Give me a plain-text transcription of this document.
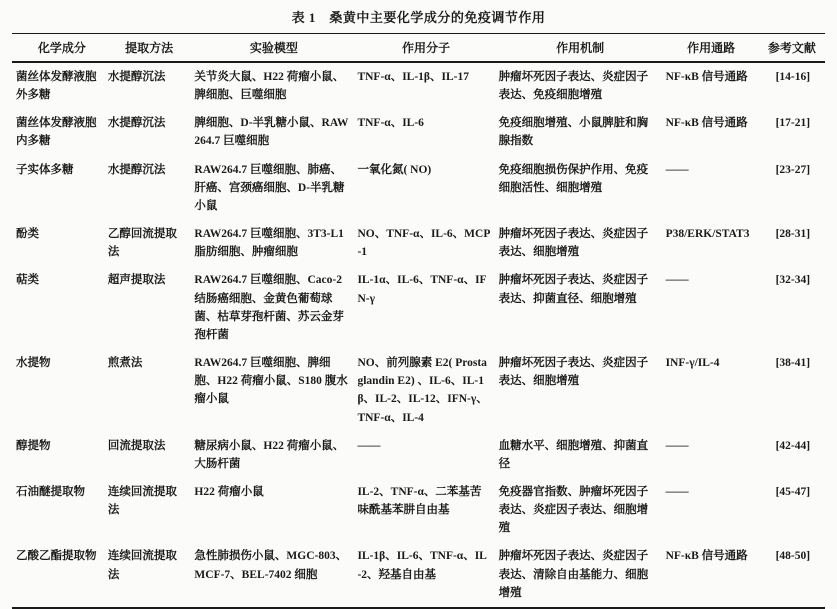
表 1　桑黄中主要化学成分的免疫调节作用
化学成分	提取方法	实验模型	作用分子	作用机制	作用通路	参考文献
菌丝体发酵液胞外多糖	水提醇沉法	关节炎大鼠、H22 荷瘤小鼠、脾细胞、巨噬细胞	TNF-α、IL-1β、IL-17	肿瘤坏死因子表达、炎症因子表达、免疫细胞增殖	NF-κB 信号通路	[14-16]
菌丝体发酵液胞内多糖	水提醇沉法	脾细胞、D-半乳糖小鼠、RAW264.7 巨噬细胞	TNF-α、IL-6	免疫细胞增殖、小鼠脾脏和胸腺指数	NF-κB 信号通路	[17-21]
子实体多糖	水提醇沉法	RAW264.7 巨噬细胞、肺癌、肝癌、宫颈癌细胞、D-半乳糖小鼠	一氧化氮( NO)	免疫细胞损伤保护作用、免疫细胞活性、细胞增殖	——	[23-27]
酚类	乙醇回流提取法	RAW264.7 巨噬细胞、3T3-L1 脂肪细胞、肿瘤细胞	NO、TNF-α、IL-6、MCP-1	肿瘤坏死因子表达、炎症因子表达、细胞增殖	P38/ERK/STAT3	[28-31]
萜类	超声提取法	RAW264.7 巨噬细胞、Caco-2 结肠癌细胞、金黄色葡萄球菌、枯草芽孢杆菌、苏云金芽孢杆菌	IL-1α、IL-6、TNF-α、IFN-γ	肿瘤坏死因子表达、炎症因子表达、抑菌直径、细胞增殖	——	[32-34]
水提物	煎煮法	RAW264.7 巨噬细胞、脾细胞、H22 荷瘤小鼠、S180 腹水瘤小鼠	NO、前列腺素 E2( Prostaglandin E2) 、IL-6、IL-1β、IL-2、IL-12、IFN-γ、TNF-α、IL-4	肿瘤坏死因子表达、炎症因子表达、细胞增殖	INF-γ/IL-4	[38-41]
醇提物	回流提取法	糖尿病小鼠、H22 荷瘤小鼠、大肠杆菌	——	血糖水平、细胞增殖、抑菌直径	——	[42-44]
石油醚提取物	连续回流提取法	H22 荷瘤小鼠	IL-2、TNF-α、二苯基苦味酰基苯肼自由基	免疫器官指数、肿瘤坏死因子表达、炎症因子表达、细胞增殖	——	[45-47]
乙酸乙酯提取物	连续回流提取法	急性肺损伤小鼠、MGC-803、MCF-7、BEL-7402 细胞	IL-1β、IL-6、TNF-α、IL-2、羟基自由基	肿瘤坏死因子表达、炎症因子表达、清除自由基能力、细胞增殖	NF-κB 信号通路	[48-50]
